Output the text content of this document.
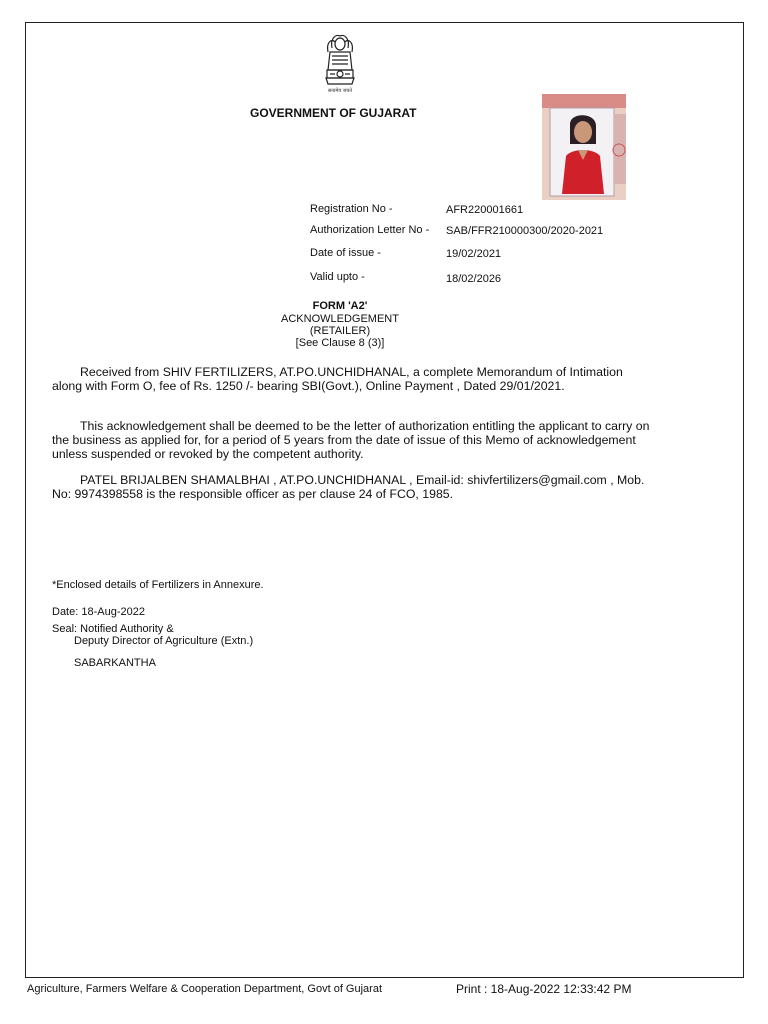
सत्यमेव जयते
GOVERNMENT OF GUJARAT
Registration No -	AFR220001661
Authorization Letter No - SAB/FFR210000300/2020-2021
Date of issue -	19/02/2021
Valid upto -	18/02/2026
FORM 'A2'
ACKNOWLEDGEMENT
(RETAILER)
[See Clause 8 (3)]
Received from SHIV FERTILIZERS, AT.PO.UNCHIDHANAL, a complete Memorandum of Intimation along with Form O, fee of Rs. 1250 /- bearing SBI(Govt.), Online Payment , Dated 29/01/2021.
This acknowledgement shall be deemed to be the letter of authorization entitling the applicant to carry on the business as applied for, for a period of 5 years from the date of issue of this Memo of acknowledgement unless suspended or revoked by the competent authority.
PATEL BRIJALBEN SHAMALBHAI , AT.PO.UNCHIDHANAL , Email-id: shivfertilizers@gmail.com , Mob. No: 9974398558 is the responsible officer as per clause 24 of FCO, 1985.
*Enclosed details of Fertilizers in Annexure.
Date: 18-Aug-2022
Seal: Notified Authority &
Deputy Director of Agriculture (Extn.)
SABARKANTHA
Agriculture, Farmers Welfare & Cooperation Department, Govt of Gujarat	Print : 18-Aug-2022 12:33:42 PM
